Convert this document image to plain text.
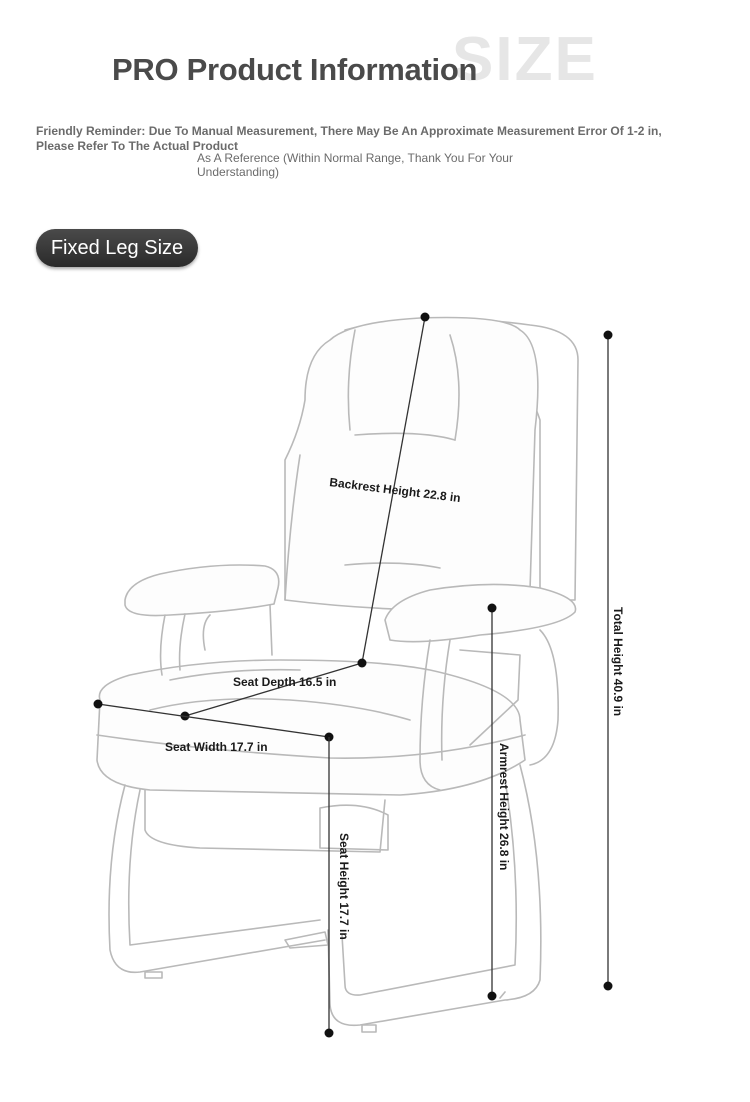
SIZE
PRO Product Information
Friendly Reminder: Due To Manual Measurement, There May Be An Approximate Measurement Error Of 1-2 in, Please Refer To The Actual Product
As A Reference (Within Normal Range, Thank You For Your Understanding)
Fixed Leg Size
Backrest Height 22.8 in
Total Height 40.9 in
Seat Depth 16.5 in
Seat Width 17.7 in	Armrest Height 26.8 in
Seat Height 17.7 in
